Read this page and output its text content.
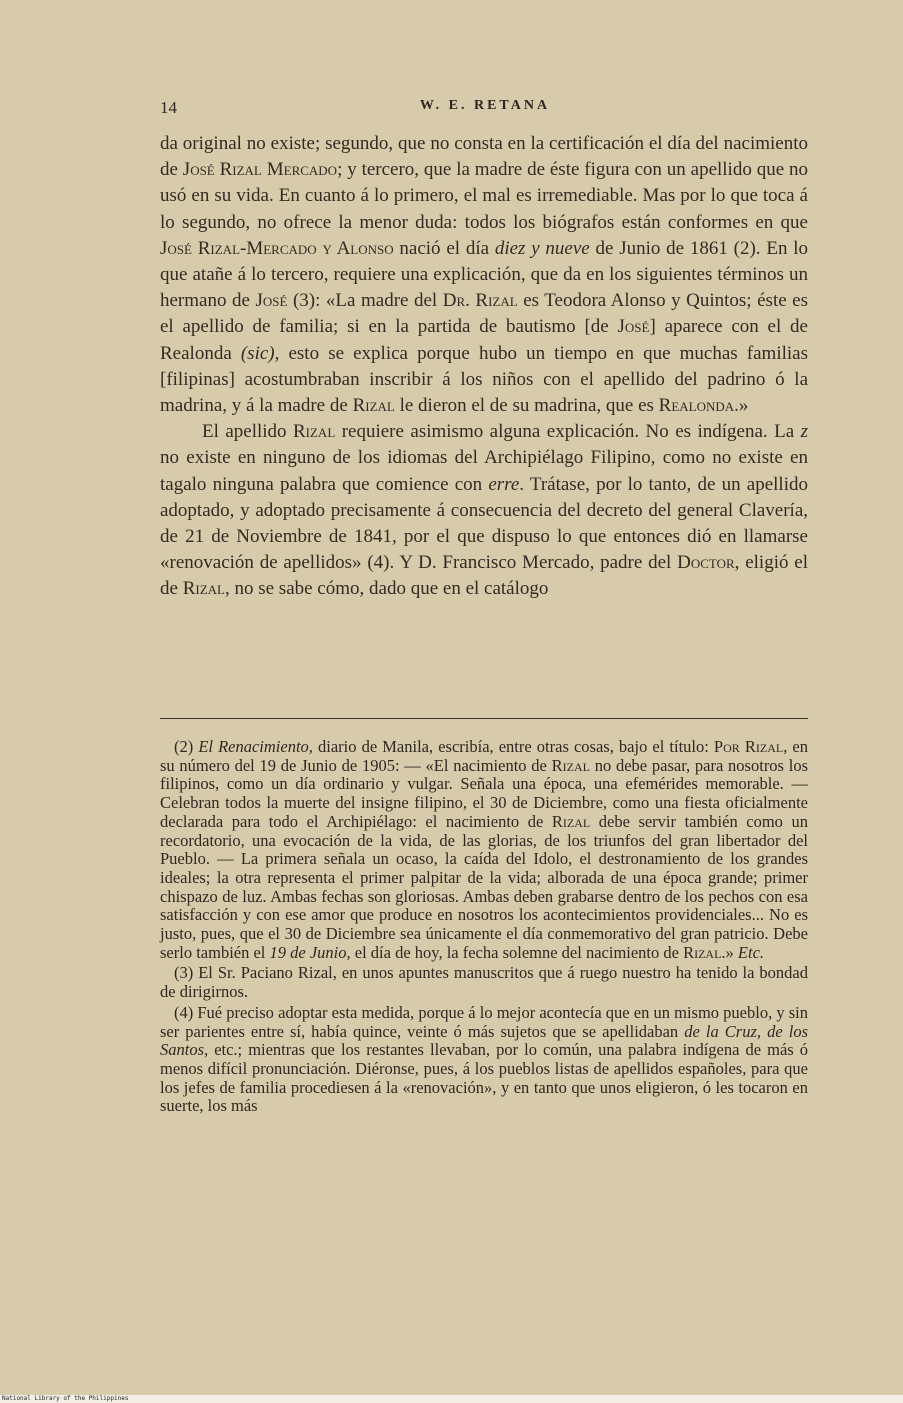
14	W. E. RETANA

da original no existe; segundo, que no consta en la certificación el día del nacimiento de José Rizal Mercado; y tercero, que la madre de éste figura con un apellido que no usó en su vida. En cuanto á lo primero, el mal es irremediable. Mas por lo que toca á lo segundo, no ofrece la menor duda: todos los biógrafos están conformes en que José Rizal-Mercado y Alonso nació el día diez y nueve de Junio de 1861 (2). En lo que atañe á lo tercero, requiere una explicación, que da en los siguientes términos un hermano de José (3): «La madre del Dr. Rizal es Teodora Alonso y Quintos; éste es el apellido de familia; si en la partida de bautismo [de José] aparece con el de Realonda (sic), esto se explica porque hubo un tiempo en que muchas familias [filipinas] acostumbraban inscribir á los niños con el apellido del padrino ó la madrina, y á la madre de Rizal le dieron el de su madrina, que es Realonda.»

El apellido Rizal requiere asimismo alguna explicación. No es indígena. La z no existe en ninguno de los idiomas del Archipiélago Filipino, como no existe en tagalo ninguna palabra que comience con erre. Trátase, por lo tanto, de un apellido adoptado, y adoptado precisamente á consecuencia del decreto del general Clavería, de 21 de Noviembre de 1841, por el que dispuso lo que entonces dió en llamarse «renovación de apellidos» (4). Y D. Francisco Mercado, padre del Doctor, eligió el de Rizal, no se sabe cómo, dado que en el catálogo

(2) El Renacimiento, diario de Manila, escribía, entre otras cosas, bajo el título: Por Rizal, en su número del 19 de Junio de 1905: — «El nacimiento de Rizal no debe pasar, para nosotros los filipinos, como un día ordinario y vulgar. Señala una época, una efemérides memorable. — Celebran todos la muerte del insigne filipino, el 30 de Diciembre, como una fiesta oficialmente declarada para todo el Archipiélago: el nacimiento de Rizal debe servir también como un recordatorio, una evocación de la vida, de las glorias, de los triunfos del gran libertador del Pueblo. — La primera señala un ocaso, la caída del Idolo, el destronamiento de los grandes ideales; la otra representa el primer palpitar de la vida; alborada de una época grande; primer chispazo de luz. Ambas fechas son gloriosas. Ambas deben grabarse dentro de los pechos con esa satisfacción y con ese amor que produce en nosotros los acontecimientos providenciales... No es justo, pues, que el 30 de Diciembre sea únicamente el día conmemorativo del gran patricio. Debe serlo también el 19 de Junio, el día de hoy, la fecha solemne del nacimiento de Rizal.» Etc.

(3) El Sr. Paciano Rizal, en unos apuntes manuscritos que á ruego nuestro ha tenido la bondad de dirigirnos.

(4) Fué preciso adoptar esta medida, porque á lo mejor acontecía que en un mismo pueblo, y sin ser parientes entre sí, había quince, veinte ó más sujetos que se apellidaban de la Cruz, de los Santos, etc.; mientras que los restantes llevaban, por lo común, una palabra indígena de más ó menos difícil pronunciación. Diéronse, pues, á los pueblos listas de apellidos españoles, para que los jefes de familia procediesen á la «renovación», y en tanto que unos eligieron, ó les tocaron en suerte, los más

National Library of the Philippines
